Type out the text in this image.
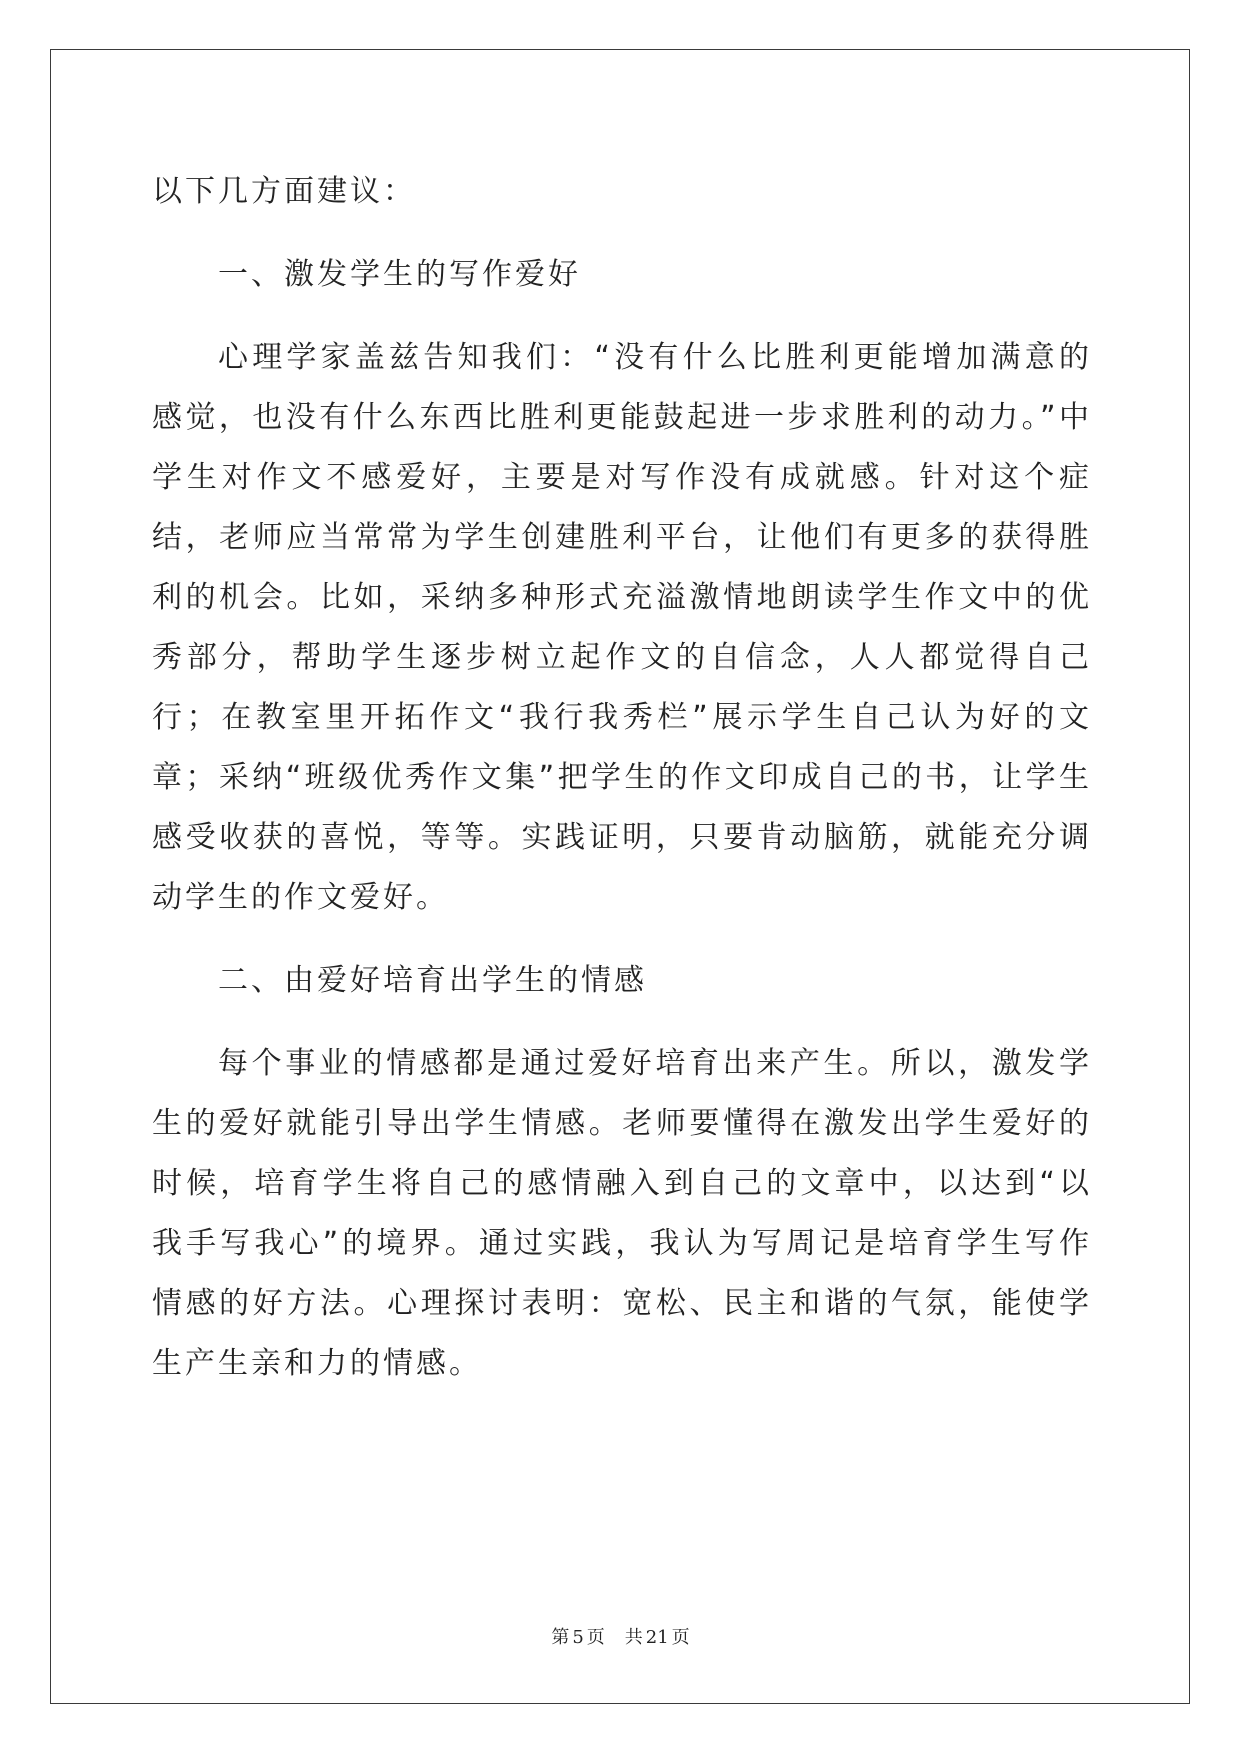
以下几方面建议：

一、激发学生的写作爱好

心理学家盖兹告知我们：“没有什么比胜利更能增加满意的感觉，也没有什么东西比胜利更能鼓起进一步求胜利的动力。”中学生对作文不感爱好，主要是对写作没有成就感。针对这个症结，老师应当常常为学生创建胜利平台，让他们有更多的获得胜利的机会。比如，采纳多种形式充溢激情地朗读学生作文中的优秀部分，帮助学生逐步树立起作文的自信念，人人都觉得自己行；在教室里开拓作文“我行我秀栏”展示学生自己认为好的文章；采纳“班级优秀作文集”把学生的作文印成自己的书，让学生感受收获的喜悦，等等。实践证明，只要肯动脑筋，就能充分调动学生的作文爱好。

二、由爱好培育出学生的情感

每个事业的情感都是通过爱好培育出来产生。所以，激发学生的爱好就能引导出学生情感。老师要懂得在激发出学生爱好的时候，培育学生将自己的感情融入到自己的文章中，以达到“以我手写我心”的境界。通过实践，我认为写周记是培育学生写作情感的好方法。心理探讨表明：宽松、民主和谐的气氛，能使学生产生亲和力的情感。

第 5 页 共 21 页
